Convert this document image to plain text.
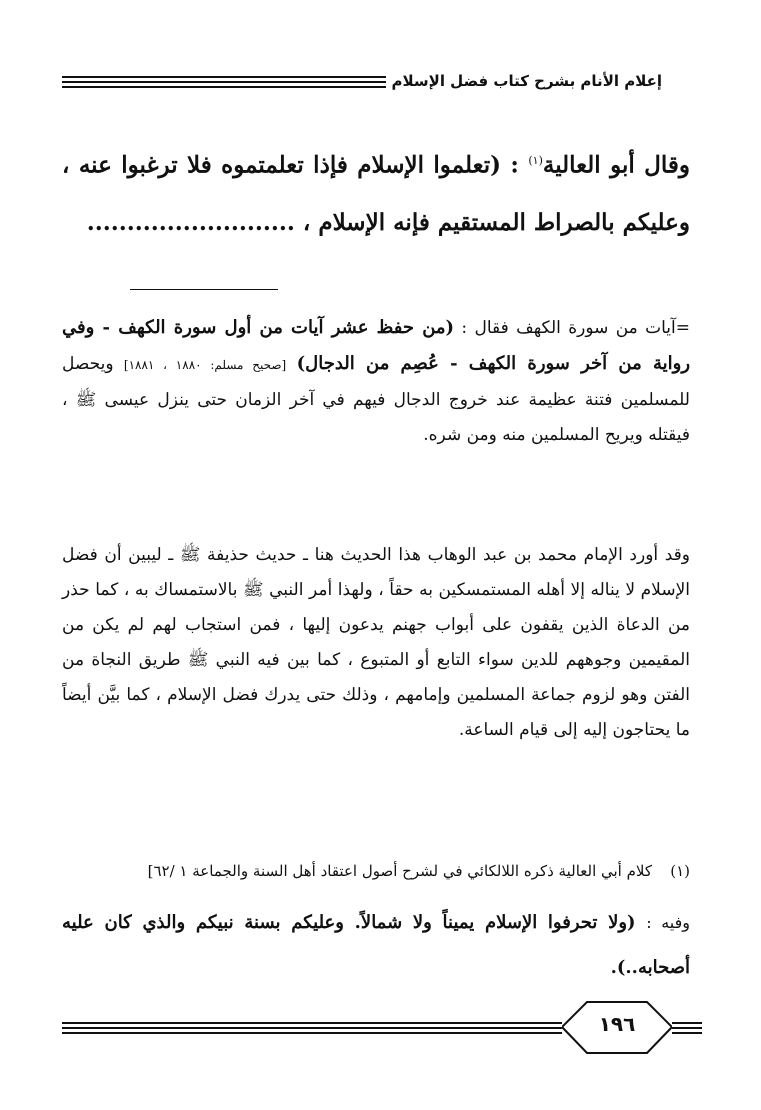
إعلام الأنام بشرح كتاب فضل الإسلام
وقال أبو العالية$^{(١)}$ : (تعلموا الإسلام فإذا تعلمتموه فلا ترغبوا عنه ، وعليكم بالصراط المستقيم فإنه الإسلام ، ..........................
=آيات من سورة الكهف فقال : (من حفظ عشر آيات من أول سورة الكهف - وفي رواية من آخر سورة الكهف - عُصِم من الدجال) [صحيح مسلم: ١٨٨٠ ، ١٨٨١] ويحصل للمسلمين فتنة عظيمة عند خروج الدجال فيهم في آخر الزمان حتى ينزل عيسى ﷺ ، فيقتله ويريح المسلمين منه ومن شره.
وقد أورد الإمام محمد بن عبد الوهاب هذا الحديث هنا ـ حديث حذيفة ﷺ ـ ليبين أن فضل الإسلام لا يناله إلا أهله المستمسكين به حقاً ، ولهذا أمر النبي ﷺ بالاستمساك به ، كما حذر من الدعاة الذين يقفون على أبواب جهنم يدعون إليها ، فمن استجاب لهم لم يكن من المقيمين وجوههم للدين سواء التابع أو المتبوع ، كما بين فيه النبي ﷺ طريق النجاة من الفتن وهو لزوم جماعة المسلمين وإمامهم ، وذلك حتى يدرك فضل الإسلام ، كما بيَّن أيضاً ما يحتاجون إليه إلى قيام الساعة.
(١)كلام أبي العالية ذكره اللالكائي في لشرح أصول اعتقاد أهل السنة والجماعة ١ /٦٢]
وفيه : (ولا تحرفوا الإسلام يميناً ولا شمالاً. وعليكم بسنة نبيكم والذي كان عليه أصحابه..).
١٩٦
